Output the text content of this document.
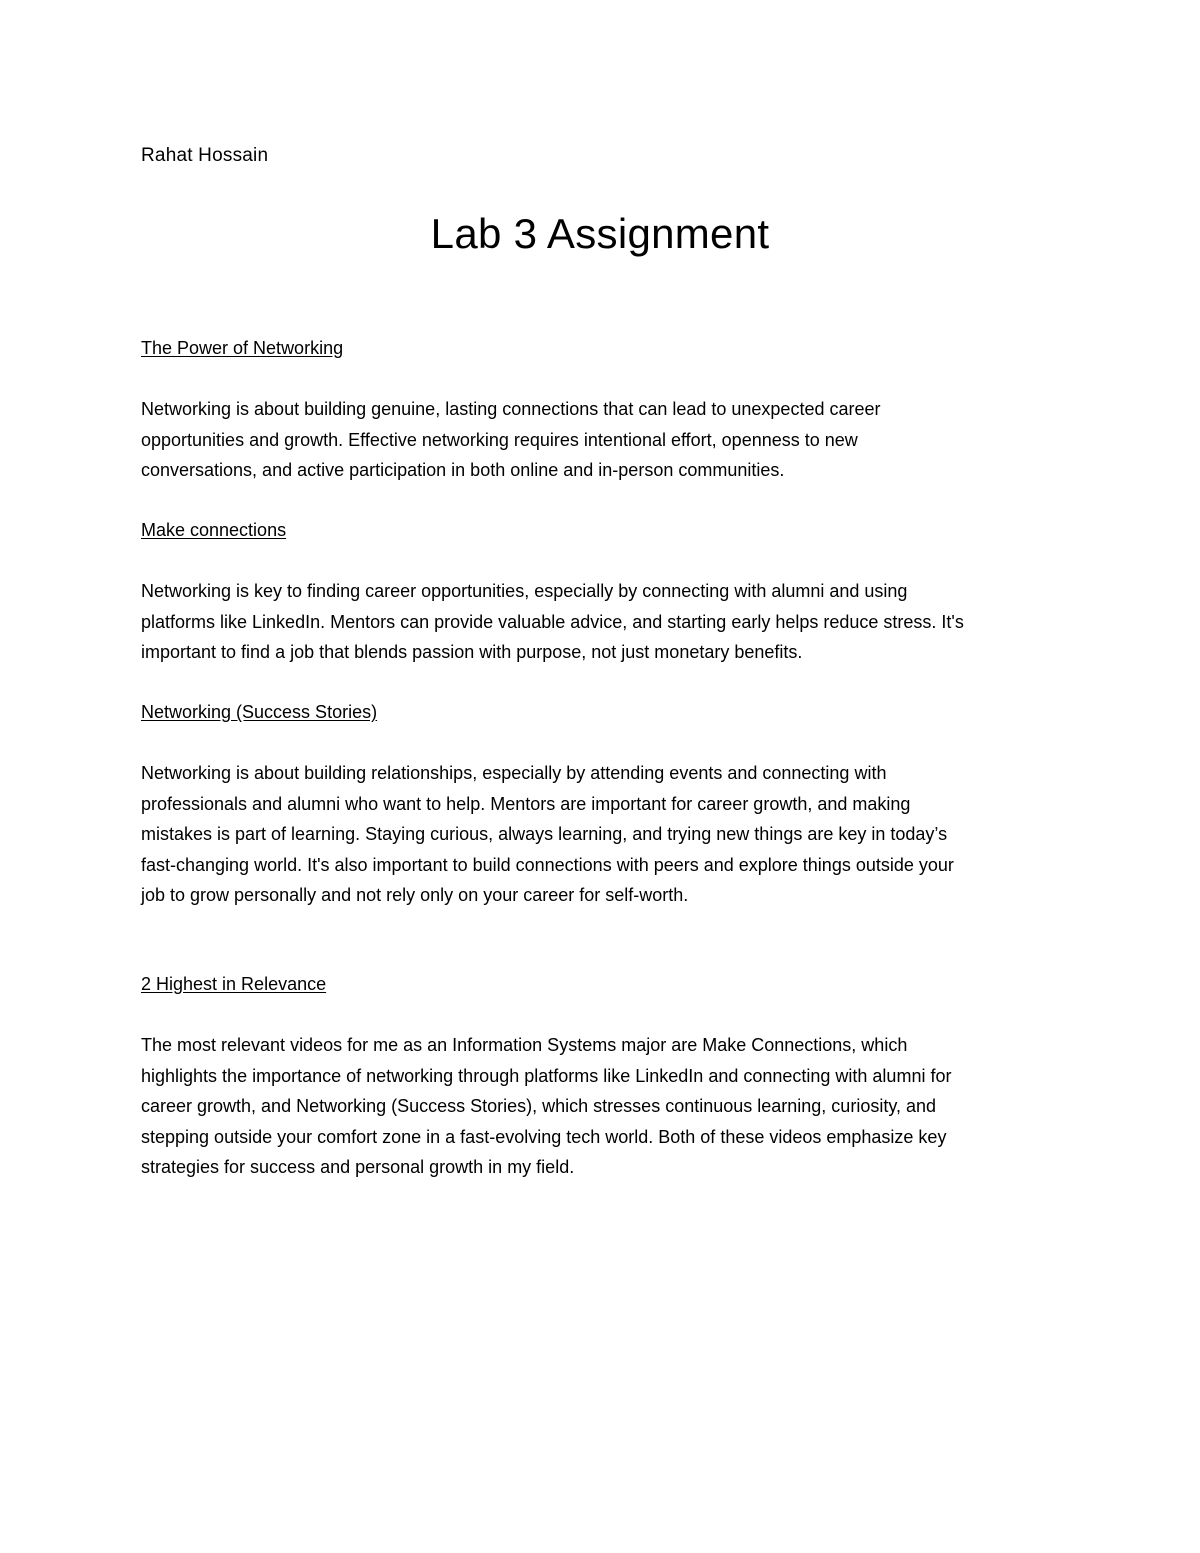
Rahat Hossain
Lab 3 Assignment
The Power of Networking

Networking is about building genuine, lasting connections that can lead to unexpected career
opportunities and growth. Effective networking requires intentional effort, openness to new
conversations, and active participation in both online and in-person communities.

Make connections

Networking is key to finding career opportunities, especially by connecting with alumni and using
platforms like LinkedIn. Mentors can provide valuable advice, and starting early helps reduce stress. It's
important to find a job that blends passion with purpose, not just monetary benefits.

Networking (Success Stories)

Networking is about building relationships, especially by attending events and connecting with
professionals and alumni who want to help. Mentors are important for career growth, and making
mistakes is part of learning. Staying curious, always learning, and trying new things are key in today’s
fast-changing world. It's also important to build connections with peers and explore things outside your
job to grow personally and not rely only on your career for self-worth.

2 Highest in Relevance

The most relevant videos for me as an Information Systems major are Make Connections, which
highlights the importance of networking through platforms like LinkedIn and connecting with alumni for
career growth, and Networking (Success Stories), which stresses continuous learning, curiosity, and
stepping outside your comfort zone in a fast-evolving tech world. Both of these videos emphasize key
strategies for success and personal growth in my field.
